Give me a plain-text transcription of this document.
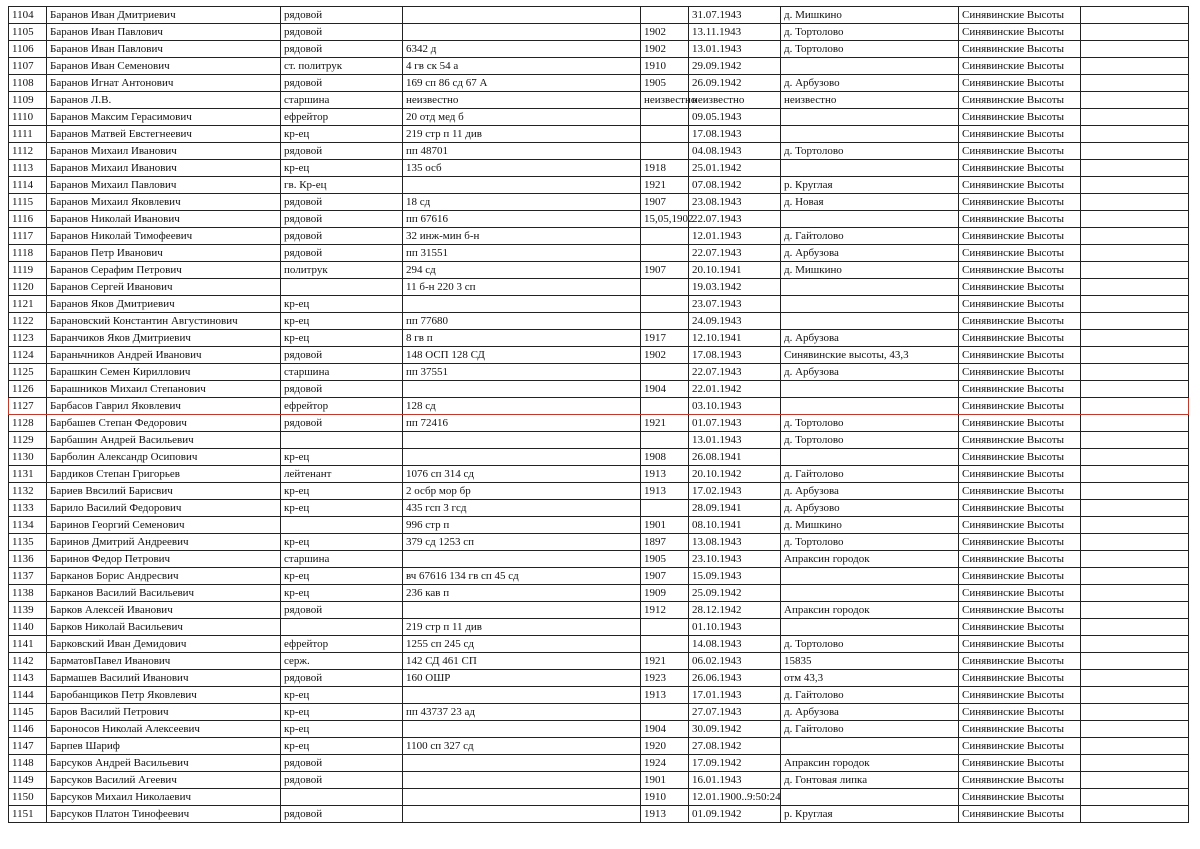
1104	Баранов Иван Дмитриевич	рядовой			31.07.1943	д. Мишкино	Синявинские Высоты	
1105	Баранов Иван Павлович	рядовой		1902	13.11.1943	д. Тортолово	Синявинские Высоты	
1106	Баранов Иван Павлович	рядовой	6342 д	1902	13.01.1943	д. Тортолово	Синявинские Высоты	
1107	Баранов Иван Семенович	ст. политрук	4 гв ск 54 а	1910	29.09.1942		Синявинские Высоты	
1108	Баранов Игнат Антонович	рядовой	169 сп 86 сд 67 А	1905	26.09.1942	д. Арбузово	Синявинские Высоты	
1109	Баранов Л.В.	старшина	неизвестно	неизвестно	неизвестно	неизвестно	Синявинские Высоты	
1110	Баранов Максим Герасимович	ефрейтор	20 отд мед б		09.05.1943		Синявинские Высоты	
1111	Баранов Матвей Евстегнеевич	кр-ец	219 стр п 11 див		17.08.1943		Синявинские Высоты	
1112	Баранов Михаил Иванович	рядовой	пп 48701		04.08.1943	д. Тортолово	Синявинские Высоты	
1113	Баранов Михаил Иванович	кр-ец	135 осб	1918	25.01.1942		Синявинские Высоты	
1114	Баранов Михаил Павлович	гв. Кр-ец		1921	07.08.1942	р. Круглая	Синявинские Высоты	
1115	Баранов Михаил Яковлевич	рядовой	18 сд	1907	23.08.1943	д. Новая	Синявинские Высоты	
1116	Баранов Николай Иванович	рядовой	пп 67616	15,05,1902	22.07.1943		Синявинские Высоты	
1117	Баранов Николай Тимофеевич	рядовой	32 инж-мин б-н		12.01.1943	д. Гайтолово	Синявинские Высоты	
1118	Баранов Петр Иванович	рядовой	пп 31551		22.07.1943	д. Арбузова	Синявинские Высоты	
1119	Баранов Серафим Петрович	политрук	294 сд	1907	20.10.1941	д. Мишкино	Синявинские Высоты	
1120	Баранов Сергей Иванович		11 б-н 220 3 сп		19.03.1942		Синявинские Высоты	
1121	Баранов Яков Дмитриевич	кр-ец			23.07.1943		Синявинские Высоты	
1122	Барановский Константин Августинович	кр-ец	пп 77680		24.09.1943		Синявинские Высоты	
1123	Баранчиков Яков Дмитриевич	кр-ец	8 гв п	1917	12.10.1941	д. Арбузова	Синявинские Высоты	
1124	Бараньчников Андрей Иванович	рядовой	148 ОСП 128 СД	1902	17.08.1943	Синявинские высоты, 43,3	Синявинские Высоты	
1125	Барашкин Семен Кириллович	старшина	пп 37551		22.07.1943	д. Арбузова	Синявинские Высоты	
1126	Барашников Михаил Степанович	рядовой		1904	22.01.1942		Синявинские Высоты	
1127	Барбасов Гаврил Яковлевич	ефрейтор	128 сд		03.10.1943		Синявинские Высоты	
1128	Барбашев Степан Федорович	рядовой	пп 72416	1921	01.07.1943	д. Тортолово	Синявинские Высоты	
1129	Барбашин Андрей Васильевич				13.01.1943	д. Тортолово	Синявинские Высоты	
1130	Барболин Александр Осипович	кр-ец		1908	26.08.1941		Синявинские Высоты	
1131	Бардиков Степан Григорьев	лейтенант	1076 сп 314 сд	1913	20.10.1942	д. Гайтолово	Синявинские Высоты	
1132	Бариев Ввсилий Барисвич	кр-ец	2 осбр мор бр	1913	17.02.1943	д. Арбузова	Синявинские Высоты	
1133	Барило Василий Федорович	кр-ец	435 гсп 3 гсд		28.09.1941	д. Арбузово	Синявинские Высоты	
1134	Баринов Георгий Семенович		996 стр п	1901	08.10.1941	д. Мишкино	Синявинские Высоты	
1135	Баринов Дмитрий Андреевич	кр-ец	379 сд 1253 сп	1897	13.08.1943	д. Тортолово	Синявинские Высоты	
1136	Баринов Федор Петрович	старшина		1905	23.10.1943	Апраксин городок	Синявинские Высоты	
1137	Барканов Борис Андресвич	кр-ец	вч 67616 134 гв сп 45 сд	1907	15.09.1943		Синявинские Высоты	
1138	Барканов Василий Васильевич	кр-ец	236 кав п	1909	25.09.1942		Синявинские Высоты	
1139	Барков Алексей Иванович	рядовой		1912	28.12.1942	Апраксин городок	Синявинские Высоты	
1140	Барков Николай Васильевич		219 стр п 11 див		01.10.1943		Синявинские Высоты	
1141	Барковский Иван Демидович	ефрейтор	1255 сп 245 сд		14.08.1943	д. Тортолово	Синявинские Высоты	
1142	БарматовПавел Иванович	серж.	142 СД 461 СП	1921	06.02.1943	15835	Синявинские Высоты	
1143	Бармашев Василий Иванович	рядовой	160 ОШР	1923	26.06.1943	отм 43,3	Синявинские Высоты	
1144	Баробанщиков Петр Яковлевич	кр-ец		1913	17.01.1943	д. Гайтолово	Синявинские Высоты	
1145	Баров Василий Петрович	кр-ец	пп 43737 23 ад		27.07.1943	д. Арбузова	Синявинские Высоты	
1146	Бароносов Николай Алексеевич	кр-ец		1904	30.09.1942	д. Гайтолово	Синявинские Высоты	
1147	Барпев Шариф	кр-ец	1100 сп 327 сд	1920	27.08.1942		Синявинские Высоты	
1148	Барсуков Андрей Васильевич	рядовой		1924	17.09.1942	Апраксин городок	Синявинские Высоты	
1149	Барсуков Василий Агеевич	рядовой		1901	16.01.1943	д. Гонтовая липка	Синявинские Высоты	
1150	Барсуков Михаил Николаевич			1910	12.01.1900..9:50:24		Синявинские Высоты	
1151	Барсуков Платон Тинофеевич	рядовой		1913	01.09.1942	р. Круглая	Синявинские Высоты	
